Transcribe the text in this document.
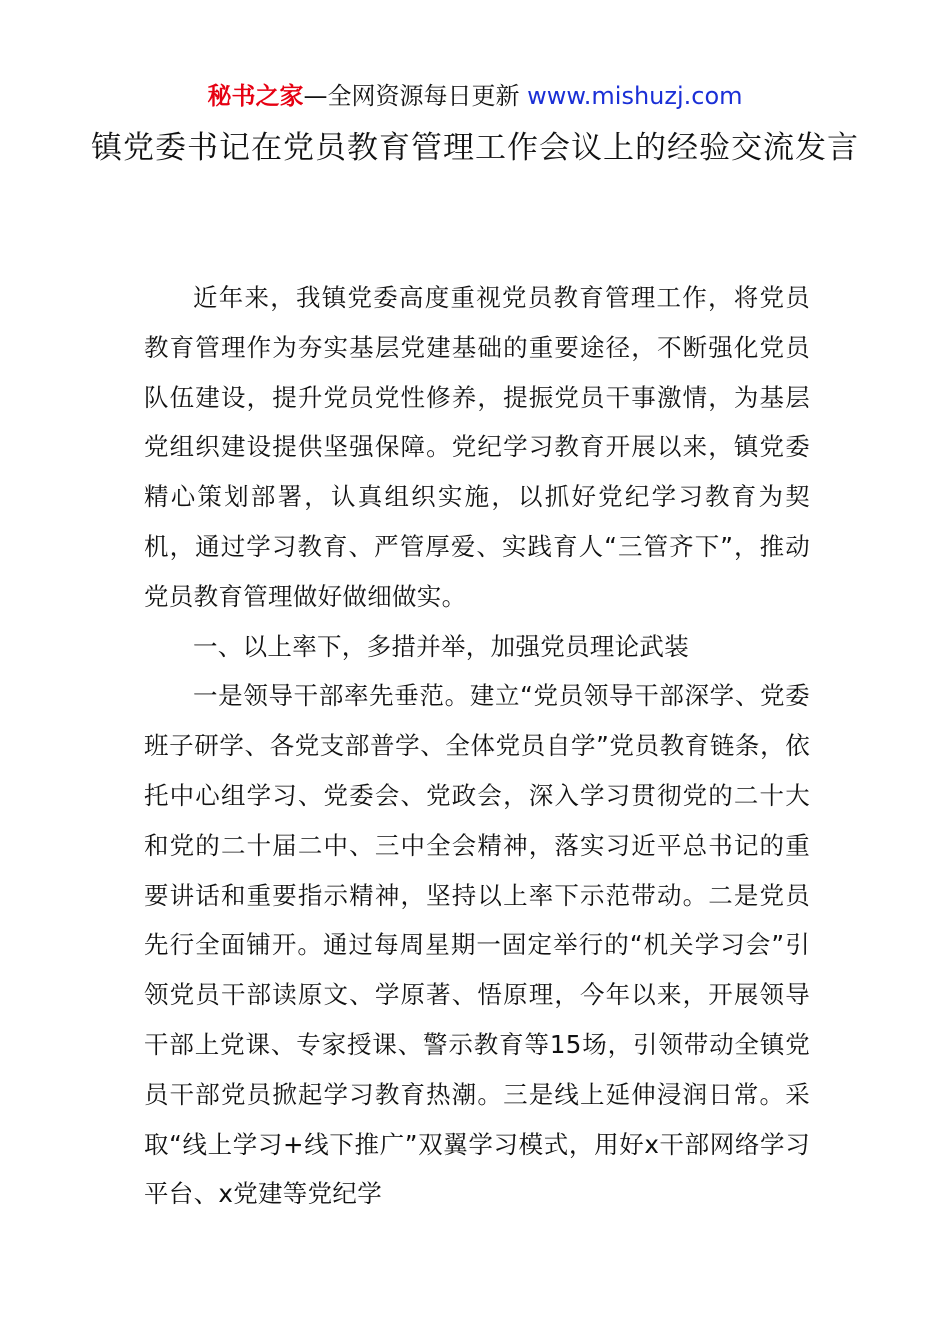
秘书之家—全网资源每日更新 www.mishuzj.com
镇党委书记在党员教育管理工作会议上的经验交流发言

近年来，我镇党委高度重视党员教育管理工作，将党员教育管理作为夯实基层党建基础的重要途径，不断强化党员队伍建设，提升党员党性修养，提振党员干事激情，为基层党组织建设提供坚强保障。党纪学习教育开展以来，镇党委精心策划部署，认真组织实施，以抓好党纪学习教育为契机，通过学习教育、严管厚爱、实践育人“三管齐下”，推动党员教育管理做好做细做实。

一、以上率下，多措并举，加强党员理论武装

一是领导干部率先垂范。建立“党员领导干部深学、党委班子研学、各党支部普学、全体党员自学”党员教育链条，依托中心组学习、党委会、党政会，深入学习贯彻党的二十大和党的二十届二中、三中全会精神，落实习近平总书记的重要讲话和重要指示精神，坚持以上率下示范带动。二是党员先行全面铺开。通过每周星期一固定举行的“机关学习会”引领党员干部读原文、学原著、悟原理，今年以来，开展领导干部上党课、专家授课、警示教育等15场，引领带动全镇党员干部党员掀起学习教育热潮。三是线上延伸浸润日常。采取“线上学习+线下推广”双翼学习模式，用好x干部网络学习平台、x党建等党纪学
